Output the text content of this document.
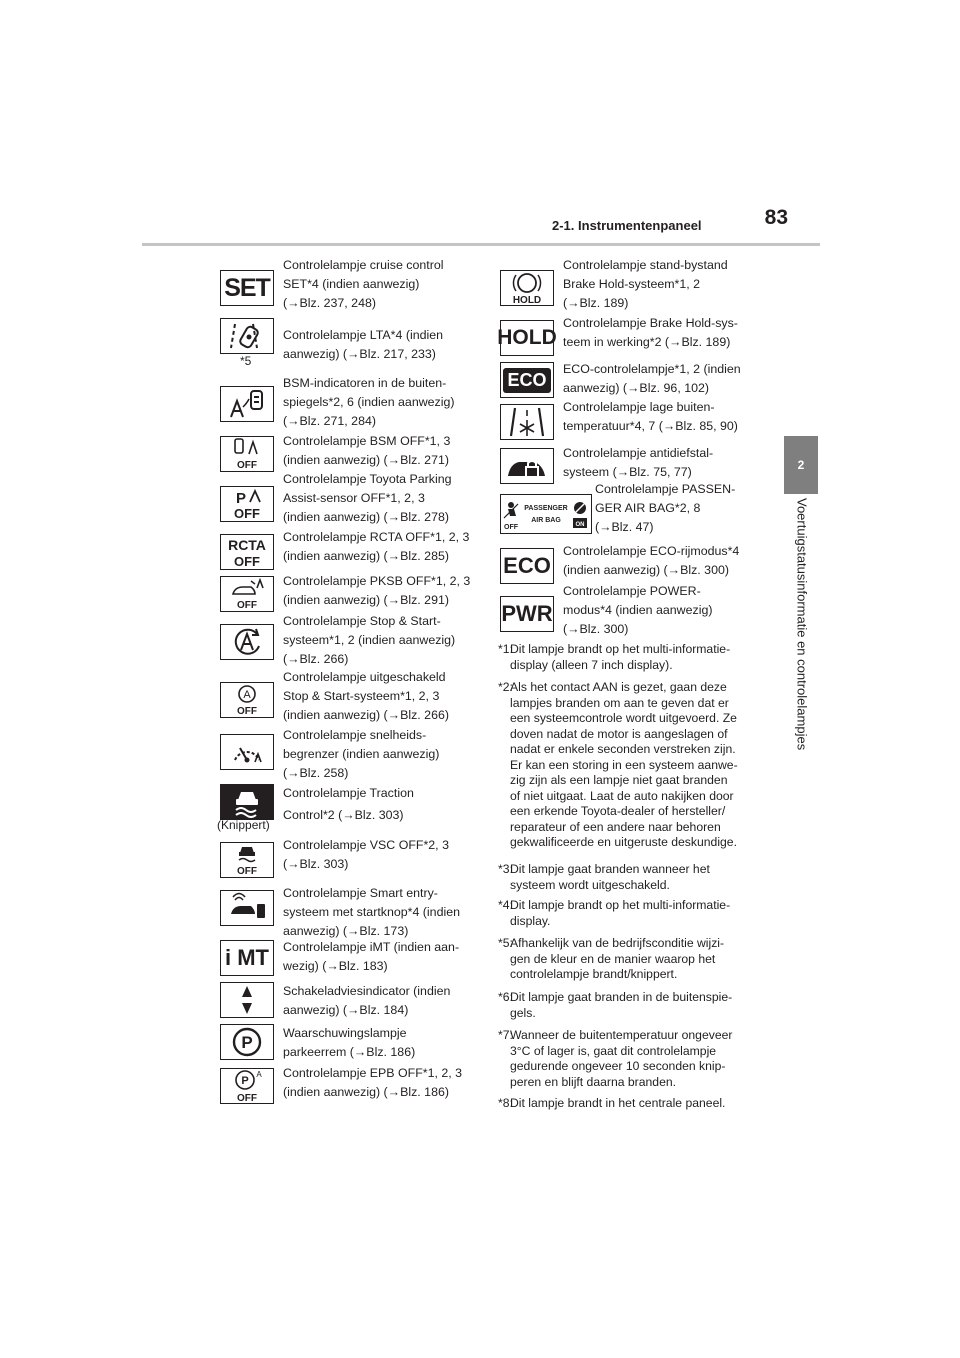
83
2-1. Instrumentenpaneel
2
Voertuigstatusinformatie en controlelampjes
SET
Controlelampje cruise control
SET*4 (indien aanwezig)
(→Blz. 237, 248)
*5
Controlelampje LTA*4 (indien
aanwezig) (→Blz. 217, 233)
BSM-indicatoren in de buiten-
spiegels*2, 6 (indien aanwezig)
(→Blz. 271, 284)
OFF
Controlelampje BSM OFF*1, 3
(indien aanwezig) (→Blz. 271)
P
OFF
Controlelampje Toyota Parking
Assist-sensor OFF*1, 2, 3
(indien aanwezig) (→Blz. 278)
RCTA
OFF
Controlelampje RCTA OFF*1, 2, 3
(indien aanwezig) (→Blz. 285)
OFF
Controlelampje PKSB OFF*1, 2, 3
(indien aanwezig) (→Blz. 291)
Controlelampje Stop & Start-
systeem*1, 2 (indien aanwezig)
(→Blz. 266)
A
OFF
Controlelampje uitgeschakeld
Stop & Start-systeem*1, 2, 3
(indien aanwezig) (→Blz. 266)
Controlelampje snelheids-
begrenzer (indien aanwezig)
(→Blz. 258)
(Knippert)
Controlelampje Traction
Control*2 (→Blz. 303)
OFF
Controlelampje VSC OFF*2, 3
(→Blz. 303)
Controlelampje Smart entry-
systeem met startknop*4 (indien
aanwezig) (→Blz. 173)
i MT Controlelampje iMT (indien aan-
wezig) (→Blz. 183)
Schakeladviesindicator (indien
aanwezig) (→Blz. 184)
P Waarschuwingslampje
parkeerrem (→Blz. 186)
P
A
OFF
Controlelampje EPB OFF*1, 2, 3
(indien aanwezig) (→Blz. 186)
HOLD
Controlelampje stand-bystand
Brake Hold-systeem*1, 2
(→Blz. 189)
HOLD
Controlelampje Brake Hold-sys-
teem in werking*2 (→Blz. 189)
ECO
ECO-controlelampje*1, 2 (indien
aanwezig) (→Blz. 96, 102)
Controlelampje lage buiten-
temperatuur*4, 7 (→Blz. 85, 90)
Controlelampje antidiefstal-
systeem (→Blz. 75, 77)
OFF
PASSENGER
AIR BAG
ON
Controlelampje PASSEN-
GER AIR BAG*2, 8
(→Blz. 47)
ECO
Controlelampje ECO-rijmodus*4
(indien aanwezig) (→Blz. 300)
PWR
Controlelampje POWER-
modus*4 (indien aanwezig)
(→Blz. 300)
*1:
Dit lampje brandt op het multi-informatie-
display (alleen 7 inch display).
*2:
Als het contact AAN is gezet, gaan deze
lampjes branden om aan te geven dat er
een systeemcontrole wordt uitgevoerd. Ze
doven nadat de motor is aangeslagen of
nadat er enkele seconden verstreken zijn.
Er kan een storing in een systeem aanwe-
zig zijn als een lampje niet gaat branden
of niet uitgaat. Laat de auto nakijken door
een erkende Toyota-dealer of hersteller/
reparateur of een andere naar behoren
gekwalificeerde en uitgeruste deskundige.
*3:
Dit lampje gaat branden wanneer het
systeem wordt uitgeschakeld.
*4:
Dit lampje brandt op het multi-informatie-
display.
*5:
Afhankelijk van de bedrijfsconditie wijzi-
gen de kleur en de manier waarop het
controlelampje brandt/knippert.
*6:
Dit lampje gaat branden in de buitenspie-
gels.
*7:
Wanneer de buitentemperatuur ongeveer
3°C of lager is, gaat dit controlelampje
gedurende ongeveer 10 seconden knip-
peren en blijft daarna branden.
*8:
Dit lampje brandt in het centrale paneel.
